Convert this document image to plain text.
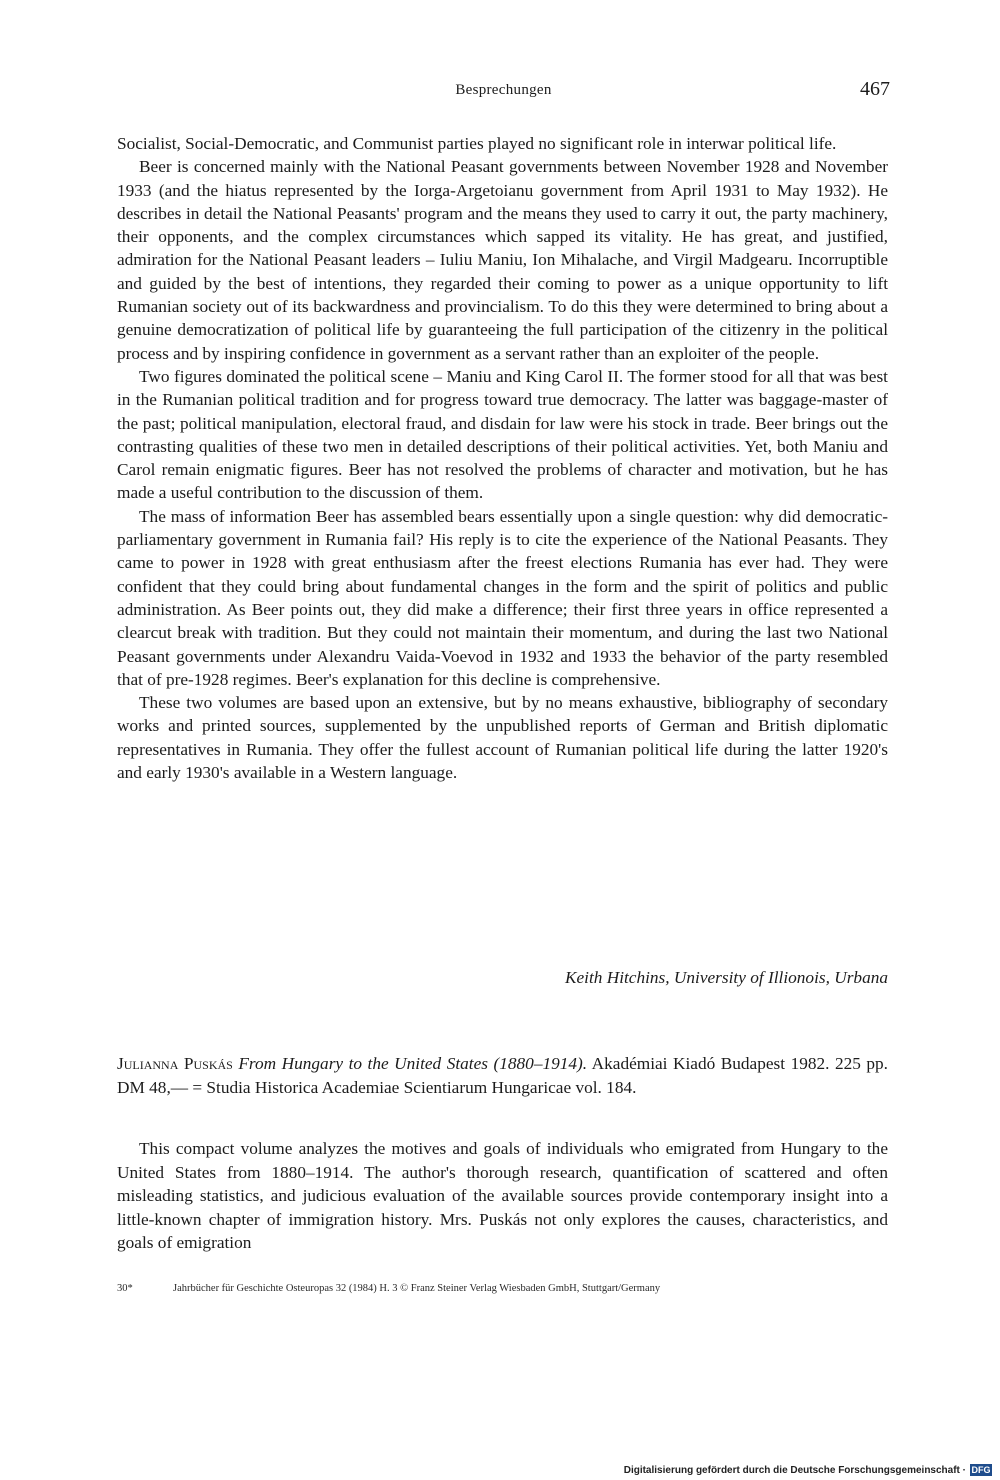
Besprechungen	467

Socialist, Social-Democratic, and Communist parties played no significant role in interwar political life.

Beer is concerned mainly with the National Peasant governments between November 1928 and November 1933 (and the hiatus represented by the Iorga-Argetoianu government from April 1931 to May 1932). He describes in detail the National Peasants' program and the means they used to carry it out, the party machinery, their opponents, and the complex circumstances which sapped its vitality. He has great, and justified, admiration for the National Peasant leaders – Iuliu Maniu, Ion Mihalache, and Virgil Madgearu. Incorruptible and guided by the best of intentions, they regarded their coming to power as a unique opportunity to lift Rumanian society out of its backwardness and provincialism. To do this they were determined to bring about a genuine democratization of political life by guaranteeing the full participation of the citizenry in the political process and by inspiring confidence in government as a servant rather than an exploiter of the people.

Two figures dominated the political scene – Maniu and King Carol II. The former stood for all that was best in the Rumanian political tradition and for progress toward true democracy. The latter was baggage-master of the past; political manipulation, electoral fraud, and disdain for law were his stock in trade. Beer brings out the contrasting qualities of these two men in detailed descriptions of their political activities. Yet, both Maniu and Carol remain enigmatic figures. Beer has not resolved the problems of character and motivation, but he has made a useful contribution to the discussion of them.

The mass of information Beer has assembled bears essentially upon a single question: why did democratic-parliamentary government in Rumania fail? His reply is to cite the experience of the National Peasants. They came to power in 1928 with great enthusiasm after the freest elections Rumania has ever had. They were confident that they could bring about fundamental changes in the form and the spirit of politics and public administration. As Beer points out, they did make a difference; their first three years in office represented a clearcut break with tradition. But they could not maintain their momentum, and during the last two National Peasant governments under Alexandru Vaida-Voevod in 1932 and 1933 the behavior of the party resembled that of pre-1928 regimes. Beer's explanation for this decline is comprehensive.

These two volumes are based upon an extensive, but by no means exhaustive, bibliography of secondary works and printed sources, supplemented by the unpublished reports of German and British diplomatic representatives in Rumania. They offer the fullest account of Rumanian political life during the latter 1920's and early 1930's available in a Western language.

Keith Hitchins, University of Illionois, Urbana
Julianna Puskás From Hungary to the United States (1880–1914). Akadémiai Kiadó Budapest 1982. 225 pp. DM 48,— = Studia Historica Academiae Scientiarum Hungaricae vol. 184.

This compact volume analyzes the motives and goals of individuals who emigrated from Hungary to the United States from 1880–1914. The author's thorough research, quantification of scattered and often misleading statistics, and judicious evaluation of the available sources provide contemporary insight into a little-known chapter of immigration history. Mrs. Puskás not only explores the causes, characteristics, and goals of emigration

30*	Jahrbücher für Geschichte Osteuropas 32 (1984) H. 3 © Franz Steiner Verlag Wiesbaden GmbH, Stuttgart/Germany
Digitalisierung gefördert durch die Deutsche Forschungsgemeinschaft · DFG
